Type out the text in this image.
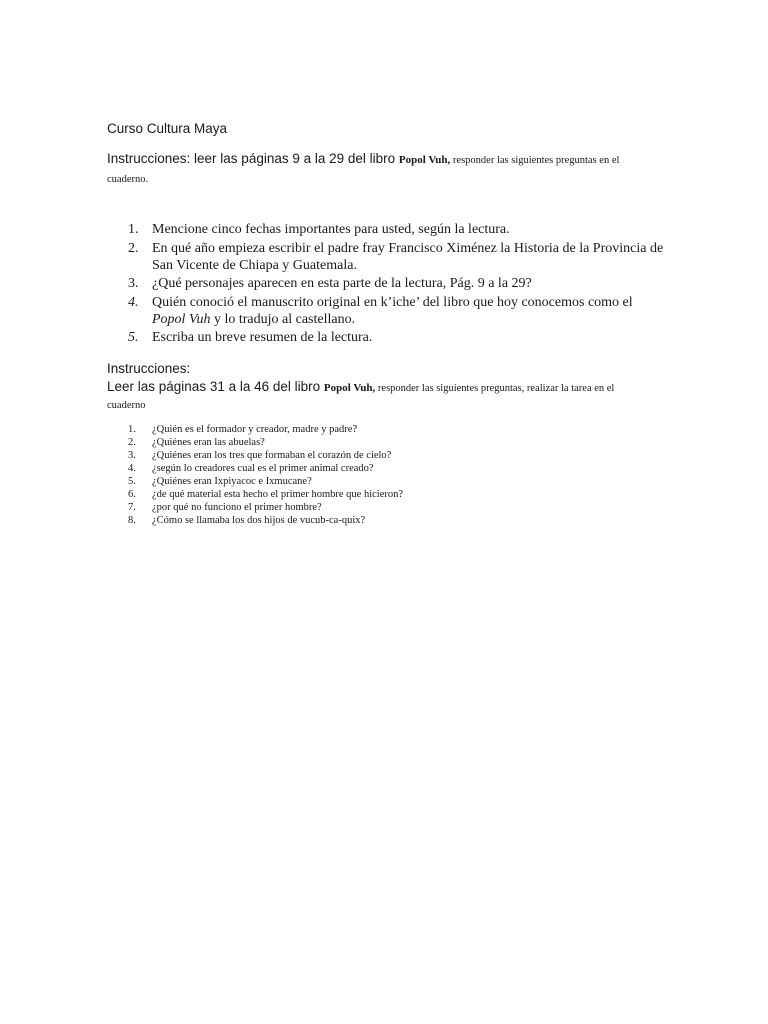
Curso Cultura Maya
Instrucciones: leer las páginas 9 a la 29 del libro Popol Vuh, responder las siguientes preguntas en el cuaderno.
1. Mencione cinco fechas importantes para usted, según la lectura.
2. En qué año empieza escribir el padre fray Francisco Ximénez la Historia de la Provincia de San Vicente de Chiapa y Guatemala.
3. ¿Qué personajes aparecen en esta parte de la lectura, Pág. 9 a la 29?
4. Quién conoció el manuscrito original en k’iche’ del libro que hoy conocemos como el Popol Vuh y lo tradujo al castellano.
5. Escriba un breve resumen de la lectura.
Instrucciones:
Leer las páginas 31 a la 46 del libro Popol Vuh, responder las siguientes preguntas, realizar la tarea en el cuaderno
1. ¿Quién es el formador y creador, madre y padre?
2. ¿Quiénes eran las abuelas?
3. ¿Quiénes eran los tres que formaban el corazón de cielo?
4. ¿según lo creadores cual es el primer animal creado?
5. ¿Quiénes eran Ixpiyacoc e Ixmucane?
6. ¿de qué material esta hecho el primer hombre que hicieron?
7. ¿por qué no funciono el primer hombre?
8. ¿Cómo se llamaba los dos hijos de vucub-ca-quix?
